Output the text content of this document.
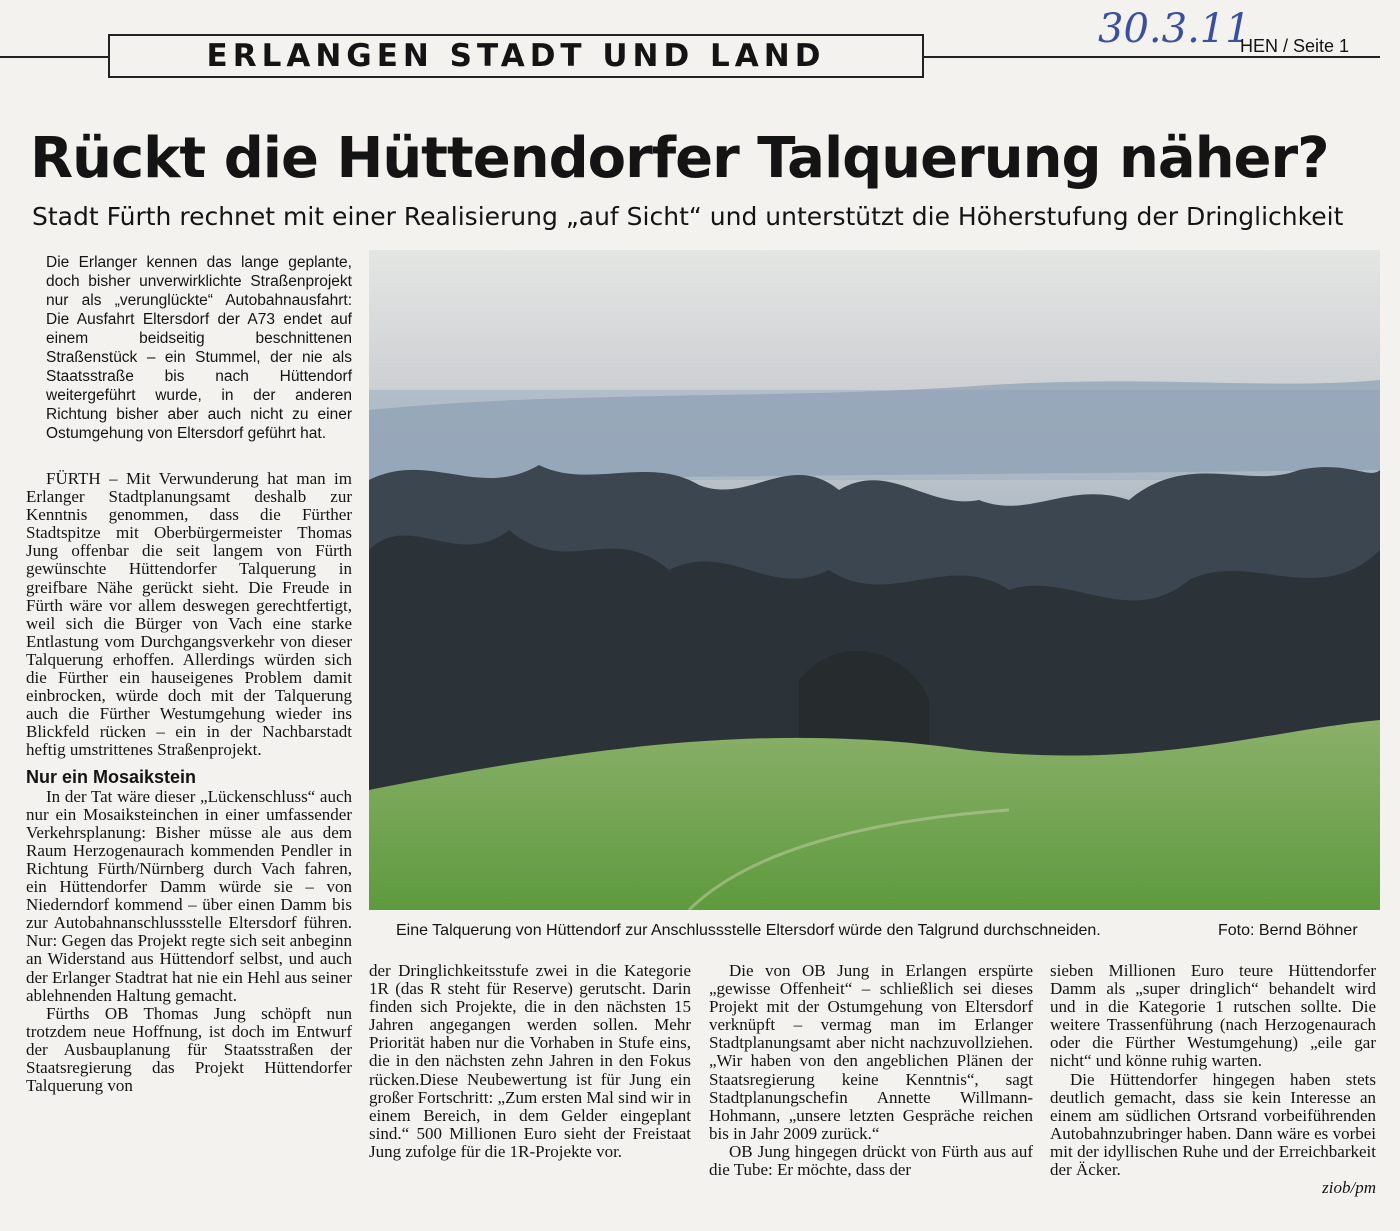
ERLANGEN STADT UND LAND
30.3.11
HEN / Seite 1
Rückt die Hüttendorfer Talquerung näher?
Stadt Fürth rechnet mit einer Realisierung „auf Sicht“ und unterstützt die Höherstufung der Dringlichkeit
Die Erlanger kennen das lange geplante, doch bisher unverwirklichte Straßenprojekt nur als „verunglückte“ Autobahnausfahrt: Die Ausfahrt Eltersdorf der A73 endet auf einem beidseitig beschnittenen Straßenstück – ein Stummel, der nie als Staatsstraße bis nach Hüttendorf weitergeführt wurde, in der anderen Richtung bisher aber auch nicht zu einer Ostumgehung von Eltersdorf geführt hat.

FÜRTH – Mit Verwunderung hat man im Erlanger Stadtplanungsamt deshalb zur Kenntnis genommen, dass die Fürther Stadtspitze mit Oberbürgermeister Thomas Jung offenbar die seit langem von Fürth gewünschte Hüttendorfer Talquerung in greifbare Nähe gerückt sieht. Die Freude in Fürth wäre vor allem deswegen gerechtfertigt, weil sich die Bürger von Vach eine starke Entlastung vom Durchgangsverkehr von dieser Talquerung erhoffen. Allerdings würden sich die Fürther ein hauseigenes Problem damit einbrocken, würde doch mit der Talquerung auch die Fürther Westumgehung wieder ins Blickfeld rücken – ein in der Nachbarstadt heftig umstrittenes Straßenprojekt.

Nur ein Mosaikstein

In der Tat wäre dieser „Lückenschluss“ auch nur ein Mosaiksteinchen in einer umfassender Verkehrsplanung: Bisher müsse ale aus dem Raum Herzogenaurach kommenden Pendler in Richtung Fürth/Nürnberg durch Vach fahren, ein Hüttendorfer Damm würde sie – von Niederndorf kommend – über einen Damm bis zur Autobahnanschlussstelle Eltersdorf führen. Nur: Gegen das Projekt regte sich seit anbeginn an Widerstand aus Hüttendorf selbst, und auch der Erlanger Stadtrat hat nie ein Hehl aus seiner ablehnenden Haltung gemacht.

Fürths OB Thomas Jung schöpft nun trotzdem neue Hoffnung, ist doch im Entwurf der Ausbauplanung für Staatsstraßen der Staatsregierung das Projekt Hüttendorfer Talquerung von

Eine Talquerung von Hüttendorf zur Anschlussstelle Eltersdorf würde den Talgrund durchschneiden.	Foto: Bernd Böhner

der Dringlichkeitsstufe zwei in die Kategorie 1R (das R steht für Reserve) gerutscht. Darin finden sich Projekte, die in den nächsten 15 Jahren angegangen werden sollen. Mehr Priorität haben nur die Vorhaben in Stufe eins, die in den nächsten zehn Jahren in den Fokus rücken.Diese Neubewertung ist für Jung ein großer Fortschritt: „Zum ersten Mal sind wir in einem Bereich, in dem Gelder eingeplant sind.“ 500 Millionen Euro sieht der Freistaat Jung zufolge für die 1R-Projekte vor.

Die von OB Jung in Erlangen erspürte „gewisse Offenheit“ – schließlich sei dieses Projekt mit der Ostumgehung von Eltersdorf verknüpft – vermag man im Erlanger Stadtplanungsamt aber nicht nachzuvollziehen. „Wir haben von den angeblichen Plänen der Staatsregierung keine Kenntnis“, sagt Stadtplanungschefin Annette Willmann-Hohmann, „unsere letzten Gespräche reichen bis in Jahr 2009 zurück.“

OB Jung hingegen drückt von Fürth aus auf die Tube: Er möchte, dass der

sieben Millionen Euro teure Hüttendorfer Damm als „super dringlich“ behandelt wird und in die Kategorie 1 rutschen sollte. Die weitere Trassenführung (nach Herzogenaurach oder die Fürther Westumgehung) „eile gar nicht“ und könne ruhig warten.

Die Hüttendorfer hingegen haben stets deutlich gemacht, dass sie kein Interesse an einem am südlichen Ortsrand vorbeiführenden Autobahnzubringer haben. Dann wäre es vorbei mit der idyllischen Ruhe und der Erreichbarkeit der Äcker.

ziob/pm
